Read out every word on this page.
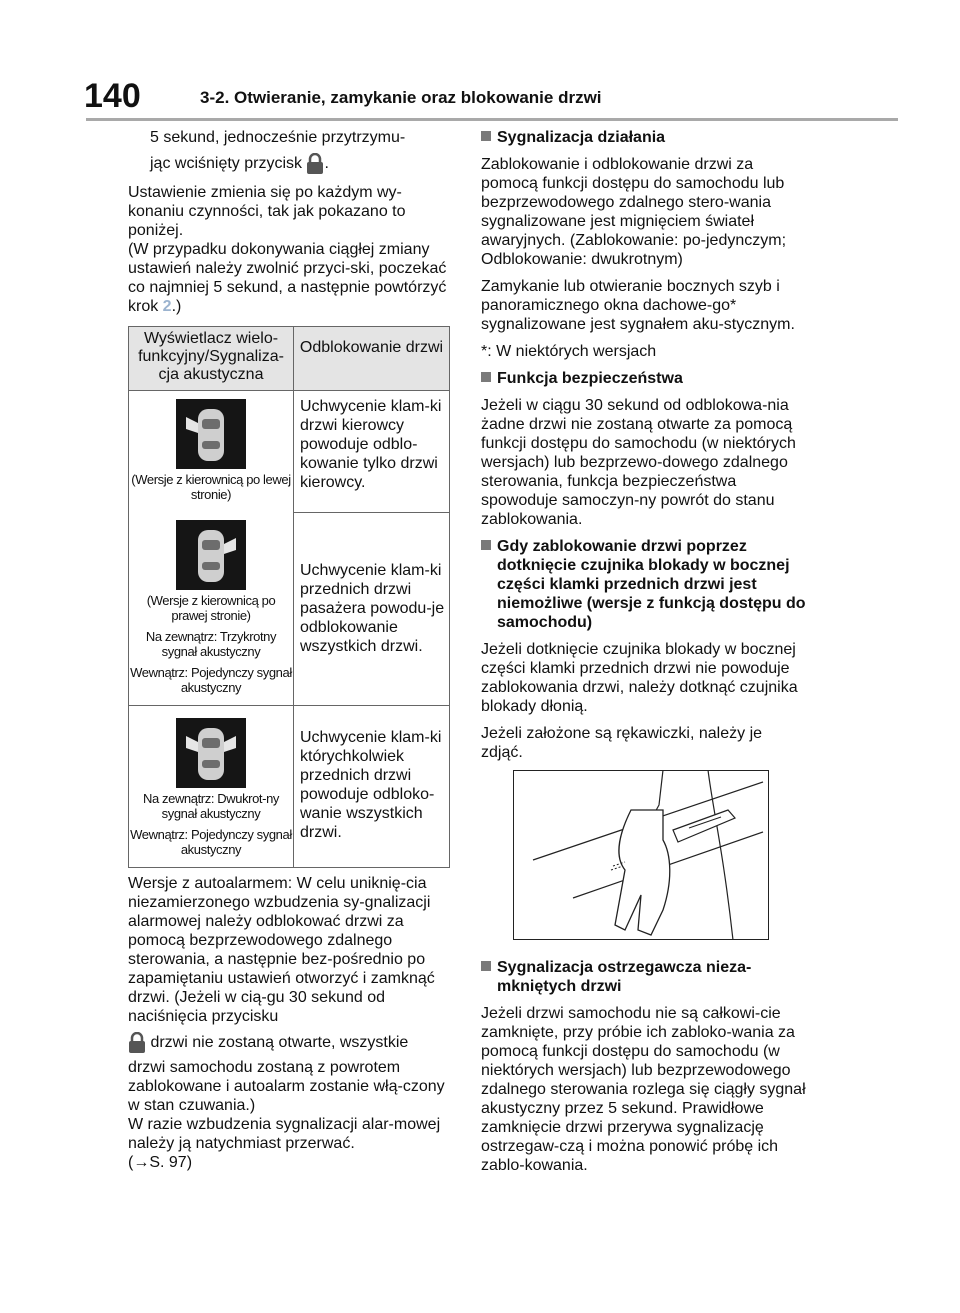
140	3-2. Otwieranie, zamykanie oraz blokowanie drzwi

5 sekund, jednocześnie przytrzymu-

jąc wciśnięty przycisk .

Ustawienie zmienia się po każdym wy-konaniu czynności, tak jak pokazano to poniżej.

(W przypadku dokonywania ciągłej zmiany ustawień należy zwolnić przyci-ski, poczekać co najmniej 5 sekund, a następnie powtórzyć krok 2.)

Wyświetlacz wielo-funkcyjny/Sygnaliza-cja akustyczna	Odblokowanie drzwi

(Wersje z kierownicą po lewej stronie)	Uchwycenie klam-ki drzwi kierowcy powoduje odblo-kowanie tylko drzwi kierowcy.

(Wersje z kierownicą po prawej stronie)
Na zewnątrz: Trzykrotny sygnał akustyczny
Wewnątrz: Pojedynczy sygnał akustyczny	Uchwycenie klam-ki przednich drzwi pasażera powodu-je odblokowanie wszystkich drzwi.

Na zewnątrz: Dwukrot-ny sygnał akustyczny
Wewnątrz: Pojedynczy sygnał akustyczny	Uchwycenie klam-ki którychkolwiek przednich drzwi powoduje odbloko-wanie wszystkich drzwi.

Wersje z autoalarmem: W celu uniknię-cia niezamierzonego wzbudzenia sy-gnalizacji alarmowej należy odblokować drzwi za pomocą bezprzewodowego zdalnego sterowania, a następnie bez-pośrednio po zapamiętaniu ustawień otworzyć i zamknąć drzwi. (Jeżeli w cią-gu 30 sekund od naciśnięcia przycisku

drzwi nie zostaną otwarte, wszystkie

drzwi samochodu zostaną z powrotem zablokowane i autoalarm zostanie włą-czony w stan czuwania.)

W razie wzbudzenia sygnalizacji alar-mowej należy ją natychmiast przerwać.

(→S. 97)

Sygnalizacja działania

Zablokowanie i odblokowanie drzwi za pomocą funkcji dostępu do samochodu lub bezprzewodowego zdalnego stero-wania sygnalizowane jest mignięciem świateł awaryjnych. (Zablokowanie: po-jedynczym; Odblokowanie: dwukrotnym)

Zamykanie lub otwieranie bocznych szyb i panoramicznego okna dachowe-go* sygnalizowane jest sygnałem aku-stycznym.

*: W niektórych wersjach

Funkcja bezpieczeństwa

Jeżeli w ciągu 30 sekund od odblokowa-nia żadne drzwi nie zostaną otwarte za pomocą funkcji dostępu do samochodu (w niektórych wersjach) lub bezprzewo-dowego zdalnego sterowania, funkcja bezpieczeństwa spowoduje samoczyn-ny powrót do stanu zablokowania.

Gdy zablokowanie drzwi poprzez dotknięcie czujnika blokady w bocznej części klamki przednich drzwi jest niemożliwe (wersje z funkcją dostępu do samochodu)

Jeżeli dotknięcie czujnika blokady w bocznej części klamki przednich drzwi nie powoduje zablokowania drzwi, należy dotknąć czujnika blokady dłonią.

Jeżeli założone są rękawiczki, należy je zdjąć.

Sygnalizacja ostrzegawcza nieza-mkniętych drzwi

Jeżeli drzwi samochodu nie są całkowi-cie zamknięte, przy próbie ich zabloko-wania za pomocą funkcji dostępu do samochodu (w niektórych wersjach) lub bezprzewodowego zdalnego sterowania rozlega się ciągły sygnał akustyczny przez 5 sekund. Prawidłowe zamknięcie drzwi przerywa sygnalizację ostrzegaw-czą i można ponowić próbę ich zablo-kowania.
